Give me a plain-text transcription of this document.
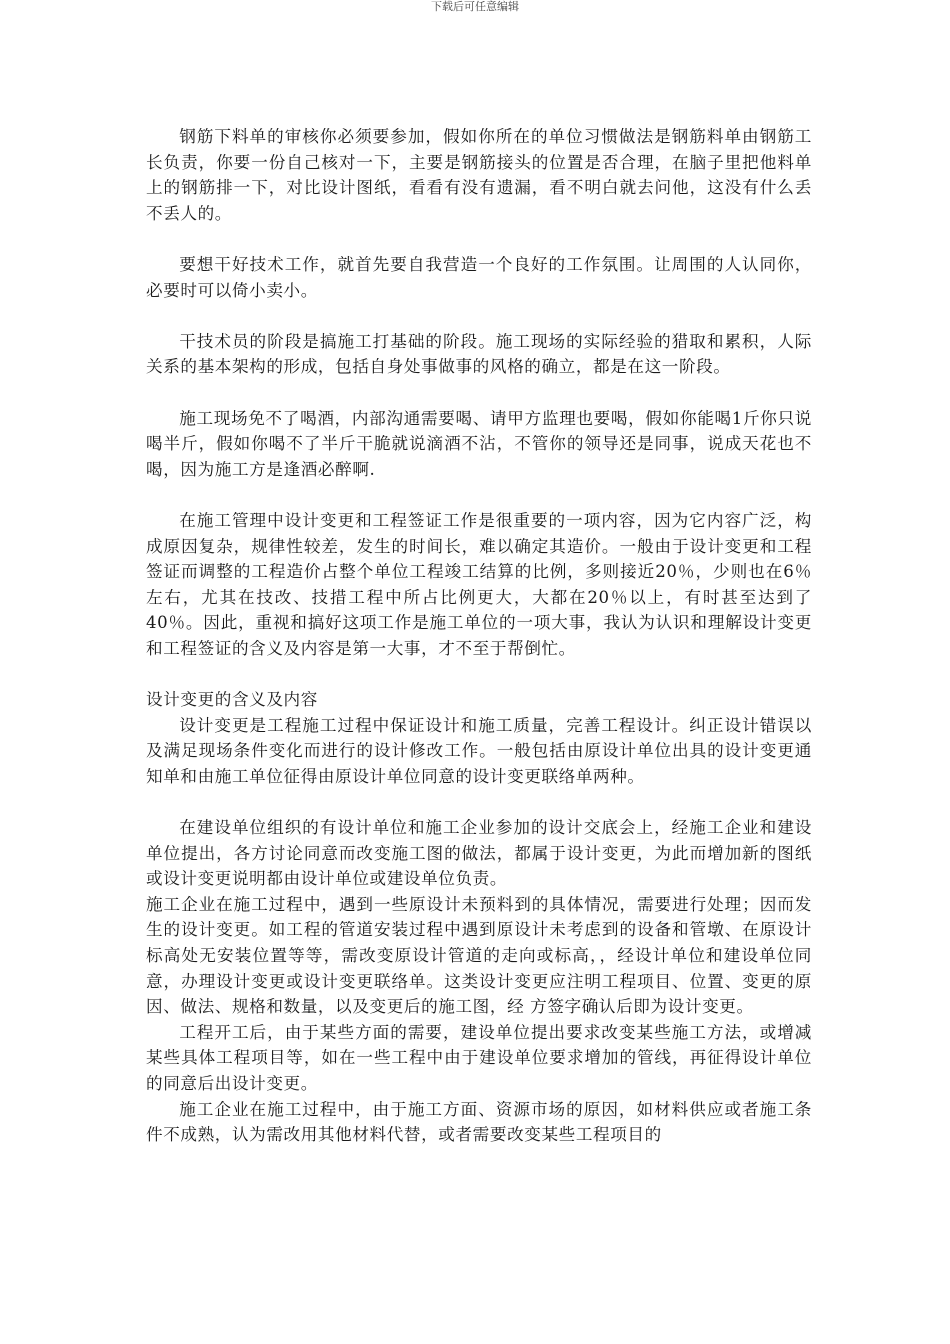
下载后可任意编辑

钢筋下料单的审核你必须要参加，假如你所在的单位习惯做法是钢筋料单由钢筋工长负责，你要一份自己核对一下，主要是钢筋接头的位置是否合理，在脑子里把他料单上的钢筋排一下，对比设计图纸，看看有没有遗漏，看不明白就去问他，这没有什么丢不丢人的。

要想干好技术工作，就首先要自我营造一个良好的工作氛围。让周围的人认同你，必要时可以倚小卖小。

干技术员的阶段是搞施工打基础的阶段。施工现场的实际经验的猎取和累积，人际关系的基本架构的形成，包括自身处事做事的风格的确立，都是在这一阶段。

施工现场免不了喝酒，内部沟通需要喝、请甲方监理也要喝，假如你能喝1斤你只说喝半斤，假如你喝不了半斤干脆就说滴酒不沾，不管你的领导还是同事，说成天花也不喝，因为施工方是逢酒必醉啊.

在施工管理中设计变更和工程签证工作是很重要的一项内容，因为它内容广泛，构成原因复杂，规律性较差，发生的时间长，难以确定其造价。一般由于设计变更和工程签证而调整的工程造价占整个单位工程竣工结算的比例，多则接近20％，少则也在6％左右，尤其在技改、技措工程中所占比例更大，大都在20％以上，有时甚至达到了40％。因此，重视和搞好这项工作是施工单位的一项大事，我认为认识和理解设计变更和工程签证的含义及内容是第一大事，才不至于帮倒忙。

设计变更的含义及内容

设计变更是工程施工过程中保证设计和施工质量，完善工程设计。纠正设计错误以及满足现场条件变化而进行的设计修改工作。一般包括由原设计单位出具的设计变更通知单和由施工单位征得由原设计单位同意的设计变更联络单两种。

在建设单位组织的有设计单位和施工企业参加的设计交底会上，经施工企业和建设单位提出，各方讨论同意而改变施工图的做法，都属于设计变更，为此而增加新的图纸或设计变更说明都由设计单位或建设单位负责。

施工企业在施工过程中，遇到一些原设计未预料到的具体情况，需要进行处理；因而发生的设计变更。如工程的管道安装过程中遇到原设计未考虑到的设备和管墩、在原设计标高处无安装位置等等，需改变原设计管道的走向或标高，，经设计单位和建设单位同意，办理设计变更或设计变更联络单。这类设计变更应注明工程项目、位置、变更的原因、做法、规格和数量，以及变更后的施工图，经 方签字确认后即为设计变更。

工程开工后，由于某些方面的需要，建设单位提出要求改变某些施工方法，或增减某些具体工程项目等，如在一些工程中由于建设单位要求增加的管线，再征得设计单位的同意后出设计变更。

施工企业在施工过程中，由于施工方面、资源市场的原因，如材料供应或者施工条件不成熟，认为需改用其他材料代替，或者需要改变某些工程项目的
